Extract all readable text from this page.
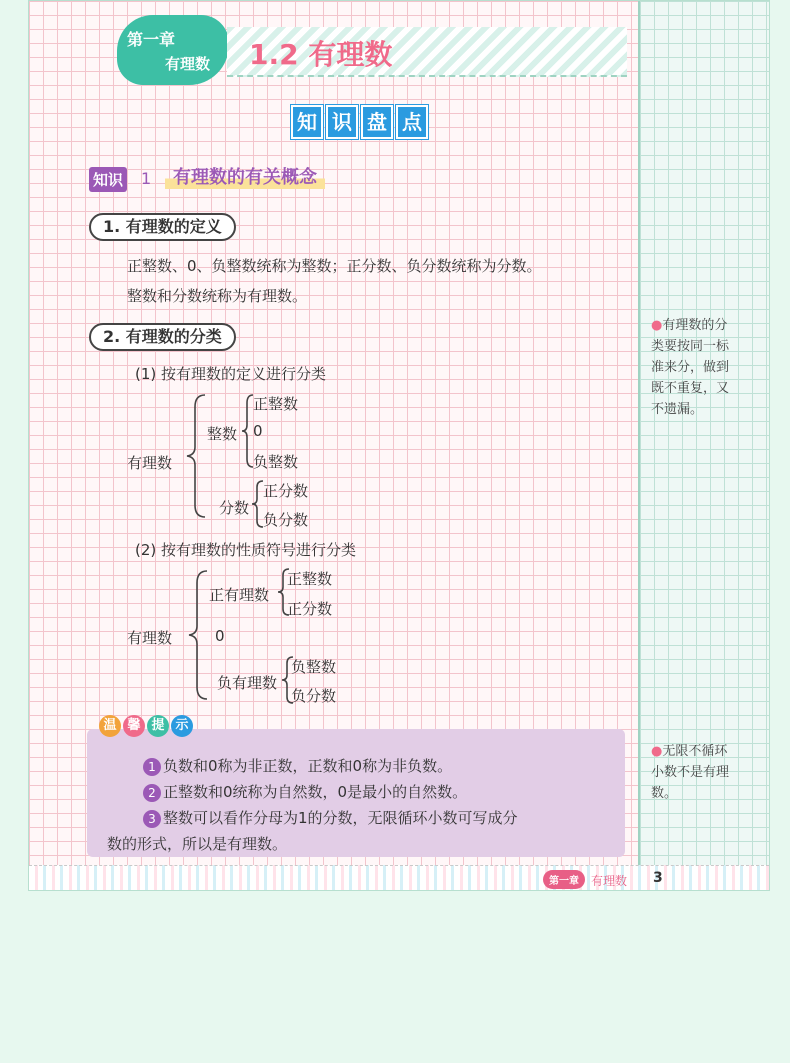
第一章
有理数 1.2 有理数
知 识 盘 点
知识 1	有理数的有关概念
1. 有理数的定义
正整数、0、负整数统称为整数；正分数、负分数统称为分数。
整数和分数统称为有理数。
2. 有理数的分类
(1) 按有理数的定义进行分类
有理数
整数
正整数
0
负整数
分数
正分数
负分数
(2) 按有理数的性质符号进行分类
有理数
正有理数
正整数
正分数
0
负有理数
负整数
负分数
温 馨 提 示
1 负数和0称为非正数，正数和0称为非负数。
2 正整数和0统称为自然数，0是最小的自然数。
3 整数可以看作分母为1的分数，无限循环小数可写成分
数的形式，所以是有理数。
●有理数的分
类要按同一标
准来分，做到
既不重复，又
不遗漏。
●无限不循环
小数不是有理
数。
第一章	有理数 3
